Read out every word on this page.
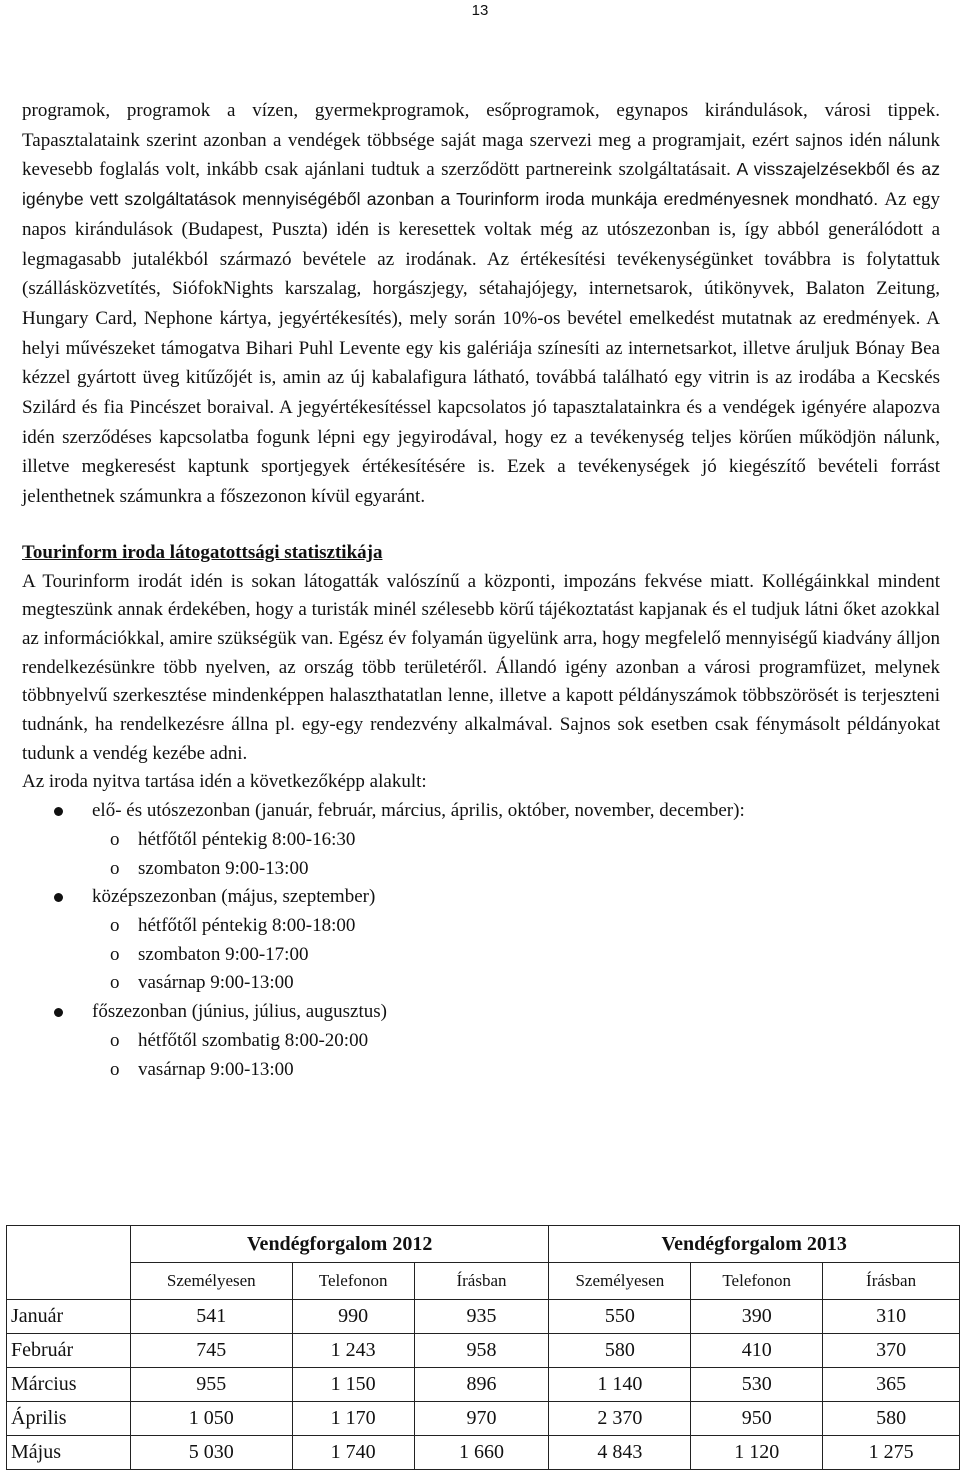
13

programok, programok a vízen, gyermekprogramok, esőprogramok, egynapos kirándulások, városi tippek. Tapasztalataink szerint azonban a vendégek többsége saját maga szervezi meg a programjait, ezért sajnos idén nálunk kevesebb foglalás volt, inkább csak ajánlani tudtuk a szerződött partnereink szolgáltatásait. A visszajelzésekből és az igénybe vett szolgáltatások mennyiségéből azonban a Tourinform iroda munkája eredményesnek mondható. Az egy napos kirándulások (Budapest, Puszta) idén is keresettek voltak még az utószezonban is, így abból generálódott a legmagasabb jutalékból származó bevétele az irodának. Az értékesítési tevékenységünket továbbra is folytattuk (szállásközvetítés, SiófokNights karszalag, horgászjegy, sétahajójegy, internetsarok, útikönyvek, Balaton Zeitung, Hungary Card, Nephone kártya, jegyértékesítés), mely során 10%-os bevétel emelkedést mutatnak az eredmények. A helyi művészeket támogatva Bihari Puhl Levente egy kis galériája színesíti az internetsarkot, illetve áruljuk Bónay Bea kézzel gyártott üveg kitűzőjét is, amin az új kabalafigura látható, továbbá található egy vitrin is az irodába a Kecskés Szilárd és fia Pincészet boraival. A jegyértékesítéssel kapcsolatos jó tapasztalatainkra és a vendégek igényére alapozva idén szerződéses kapcsolatba fogunk lépni egy jegyirodával, hogy ez a tevékenység teljes körűen működjön nálunk, illetve megkeresést kaptunk sportjegyek értékesítésére is. Ezek a tevékenységek jó kiegészítő bevételi forrást jelenthetnek számunkra a főszezonon kívül egyaránt.

Tourinform iroda látogatottsági statisztikája

A Tourinform irodát idén is sokan látogatták valószínű a központi, impozáns fekvése miatt. Kollégáinkkal mindent megteszünk annak érdekében, hogy a turisták minél szélesebb körű tájékoztatást kapjanak és el tudjuk látni őket azokkal az információkkal, amire szükségük van. Egész év folyamán ügyelünk arra, hogy megfelelő mennyiségű kiadvány álljon rendelkezésünkre több nyelven, az ország több területéről. Állandó igény azonban a városi programfüzet, melynek többnyelvű szerkesztése mindenképpen halaszthatatlan lenne, illetve a kapott példányszámok többszörösét is terjeszteni tudnánk, ha rendelkezésre állna pl. egy-egy rendezvény alkalmával. Sajnos sok esetben csak fénymásolt példányokat tudunk a vendég kezébe adni.

Az iroda nyitva tartása idén a következőképp alakult:

elő- és utószezonban (január, február, március, április, október, november, december):
o hétfőtől péntekig 8:00-16:30
o szombaton 9:00-13:00
középszezonban (május, szeptember)
o hétfőtől péntekig 8:00-18:00
o szombaton 9:00-17:00
o vasárnap 9:00-13:00
főszezonban (június, július, augusztus)
o hétfőtől szombatig 8:00-20:00
o vasárnap 9:00-13:00
	Vendégforgalom 2012			Vendégforgalom 2013		
	Személyesen	Telefonon	Írásban	Személyesen	Telefonon	Írásban
Január	541	990	935	550	390	310
Február	745	1 243	958	580	410	370
Március	955	1 150	896	1 140	530	365
Április	1 050	1 170	970	2 370	950	580
Május	5 030	1 740	1 660	4 843	1 120	1 275
